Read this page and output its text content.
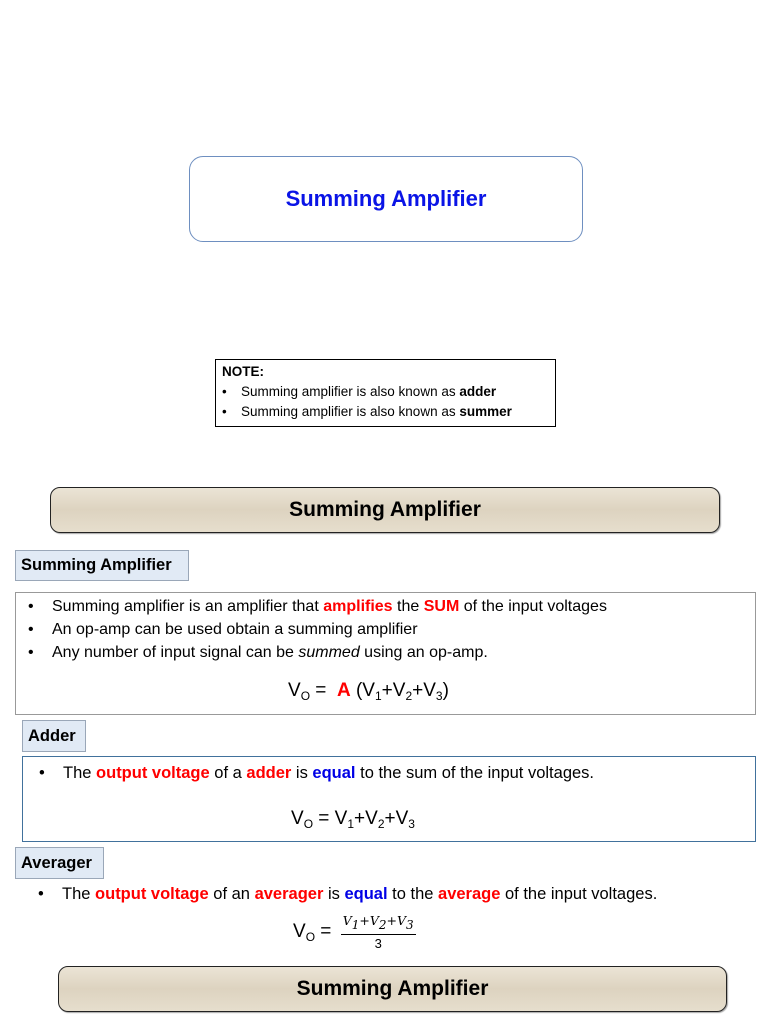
Summing Amplifier
NOTE:
•	Summing amplifier is also known as adder
•	Summing amplifier is also known as summer
Summing Amplifier
Summing Amplifier
•	Summing amplifier is an amplifier that amplifies the SUM of the input voltages
•	An op-amp can be used obtain a summing amplifier
•	Any number of input signal can be summed using an op-amp.
$V_O = A$ $(V_1+V_2+V_3)$
Adder
•	The output voltage of a adder is equal to the sum of the input voltages.
$V_O = V_1+V_2+V_3$
Averager
•	The output voltage of an averager is equal to the average of the input voltages.
$V_O = \frac{V_1+V_2+V_3}{3}$
Summing Amplifier
